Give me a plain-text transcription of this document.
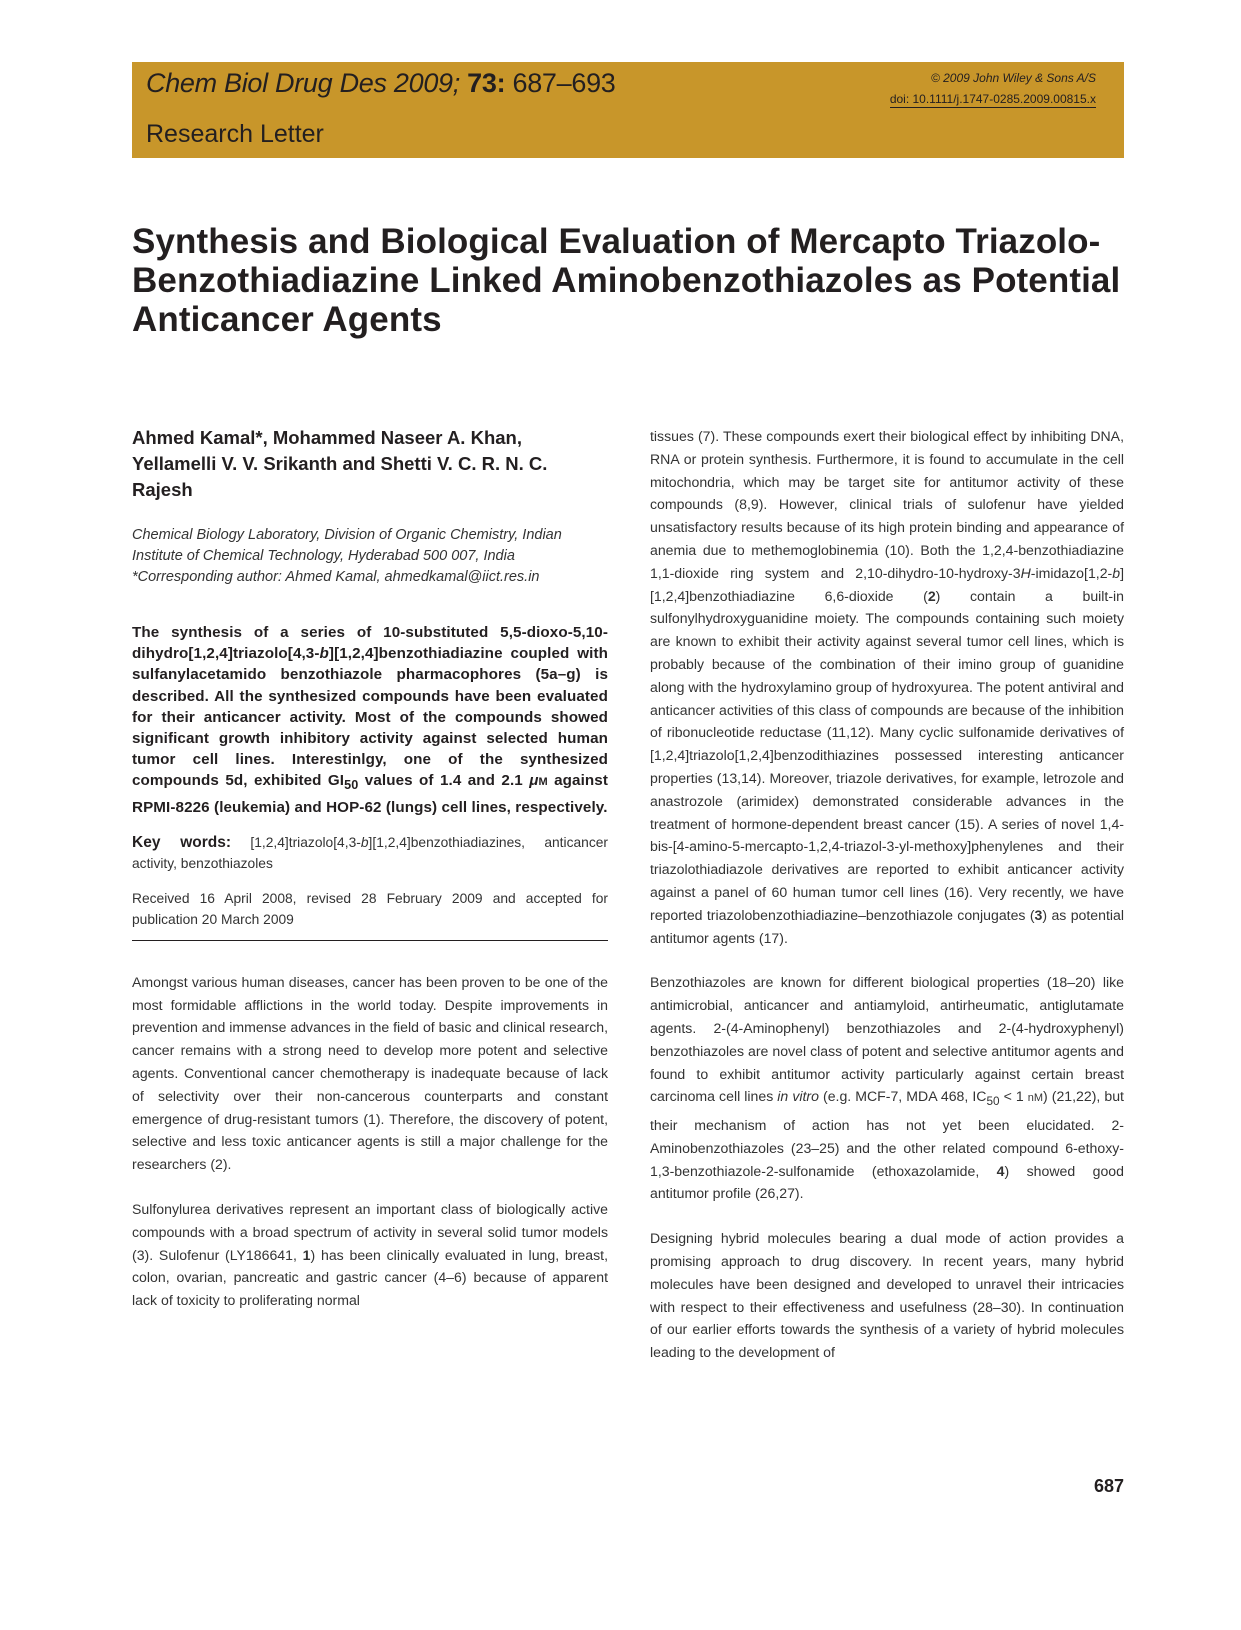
Chem Biol Drug Des 2009; 73: 687–693
Research Letter
© 2009 John Wiley & Sons A/S
doi: 10.1111/j.1747-0285.2009.00815.x
Synthesis and Biological Evaluation of Mercapto Triazolo-Benzothiadiazine Linked Aminobenzothiazoles as Potential Anticancer Agents

Ahmed Kamal*, Mohammed Naseer A. Khan, Yellamelli V. V. Srikanth and Shetti V. C. R. N. C. Rajesh

Chemical Biology Laboratory, Division of Organic Chemistry, Indian
Institute of Chemical Technology, Hyderabad 500 007, India
*Corresponding author: Ahmed Kamal, ahmedkamal@iict.res.in

The synthesis of a series of 10-substituted 5,5-dioxo-5,10-dihydro[1,2,4]triazolo[4,3-b][1,2,4]benzothiadiazine coupled with sulfanylacetamido benzothiazole pharmacophores (5a–g) is described. All the synthesized compounds have been evaluated for their anticancer activity. Most of the compounds showed significant growth inhibitory activity against selected human tumor cell lines. Interestinlgy, one of the synthesized compounds 5d, exhibited $GI_{50}$ values of 1.4 and 2.1 μM against RPMI-8226 (leukemia) and HOP-62 (lungs) cell lines, respectively.

Key words: [1,2,4]triazolo[4,3-b][1,2,4]benzothiadiazines, anticancer activity, benzothiazoles

Received 16 April 2008, revised 28 February 2009 and accepted for publication 20 March 2009

Amongst various human diseases, cancer has been proven to be one of the most formidable afflictions in the world today. Despite improvements in prevention and immense advances in the field of basic and clinical research, cancer remains with a strong need to develop more potent and selective agents. Conventional cancer chemotherapy is inadequate because of lack of selectivity over their non-cancerous counterparts and constant emergence of drug-resistant tumors (1). Therefore, the discovery of potent, selective and less toxic anticancer agents is still a major challenge for the researchers (2).

Sulfonylurea derivatives represent an important class of biologically active compounds with a broad spectrum of activity in several solid tumor models (3). Sulofenur (LY186641, 1) has been clinically evaluated in lung, breast, colon, ovarian, pancreatic and gastric cancer (4–6) because of apparent lack of toxicity to proliferating normal

tissues (7). These compounds exert their biological effect by inhibiting DNA, RNA or protein synthesis. Furthermore, it is found to accumulate in the cell mitochondria, which may be target site for antitumor activity of these compounds (8,9). However, clinical trials of sulofenur have yielded unsatisfactory results because of its high protein binding and appearance of anemia due to methemoglobinemia (10). Both the 1,2,4-benzothiadiazine 1,1-dioxide ring system and 2,10-dihydro-10-hydroxy-3H-imidazo[1,2-b][1,2,4]benzothiadiazine 6,6-dioxide (2) contain a built-in sulfonylhydroxyguanidine moiety. The compounds containing such moiety are known to exhibit their activity against several tumor cell lines, which is probably because of the combination of their imino group of guanidine along with the hydroxylamino group of hydroxyurea. The potent antiviral and anticancer activities of this class of compounds are because of the inhibition of ribonucleotide reductase (11,12). Many cyclic sulfonamide derivatives of [1,2,4]triazolo[1,2,4]benzodithiazines possessed interesting anticancer properties (13,14). Moreover, triazole derivatives, for example, letrozole and anastrozole (arimidex) demonstrated considerable advances in the treatment of hormone-dependent breast cancer (15). A series of novel 1,4-bis-[4-amino-5-mercapto-1,2,4-triazol-3-yl-methoxy]phenylenes and their triazolothiadiazole derivatives are reported to exhibit anticancer activity against a panel of 60 human tumor cell lines (16). Very recently, we have reported triazolobenzothiadiazine–benzothiazole conjugates (3) as potential antitumor agents (17).

Benzothiazoles are known for different biological properties (18–20) like antimicrobial, anticancer and antiamyloid, antirheumatic, antiglutamate agents. 2-(4-Aminophenyl) benzothiazoles and 2-(4-hydroxyphenyl) benzothiazoles are novel class of potent and selective antitumor agents and found to exhibit antitumor activity particularly against certain breast carcinoma cell lines in vitro (e.g. MCF-7, MDA 468, $IC_{50} < 1$ nM) (21,22), but their mechanism of action has not yet been elucidated. 2-Aminobenzothiazoles (23–25) and the other related compound 6-ethoxy-1,3-benzothiazole-2-sulfonamide (ethoxazolamide, 4) showed good antitumor profile (26,27).

Designing hybrid molecules bearing a dual mode of action provides a promising approach to drug discovery. In recent years, many hybrid molecules have been designed and developed to unravel their intricacies with respect to their effectiveness and usefulness (28–30). In continuation of our earlier efforts towards the synthesis of a variety of hybrid molecules leading to the development of

687
